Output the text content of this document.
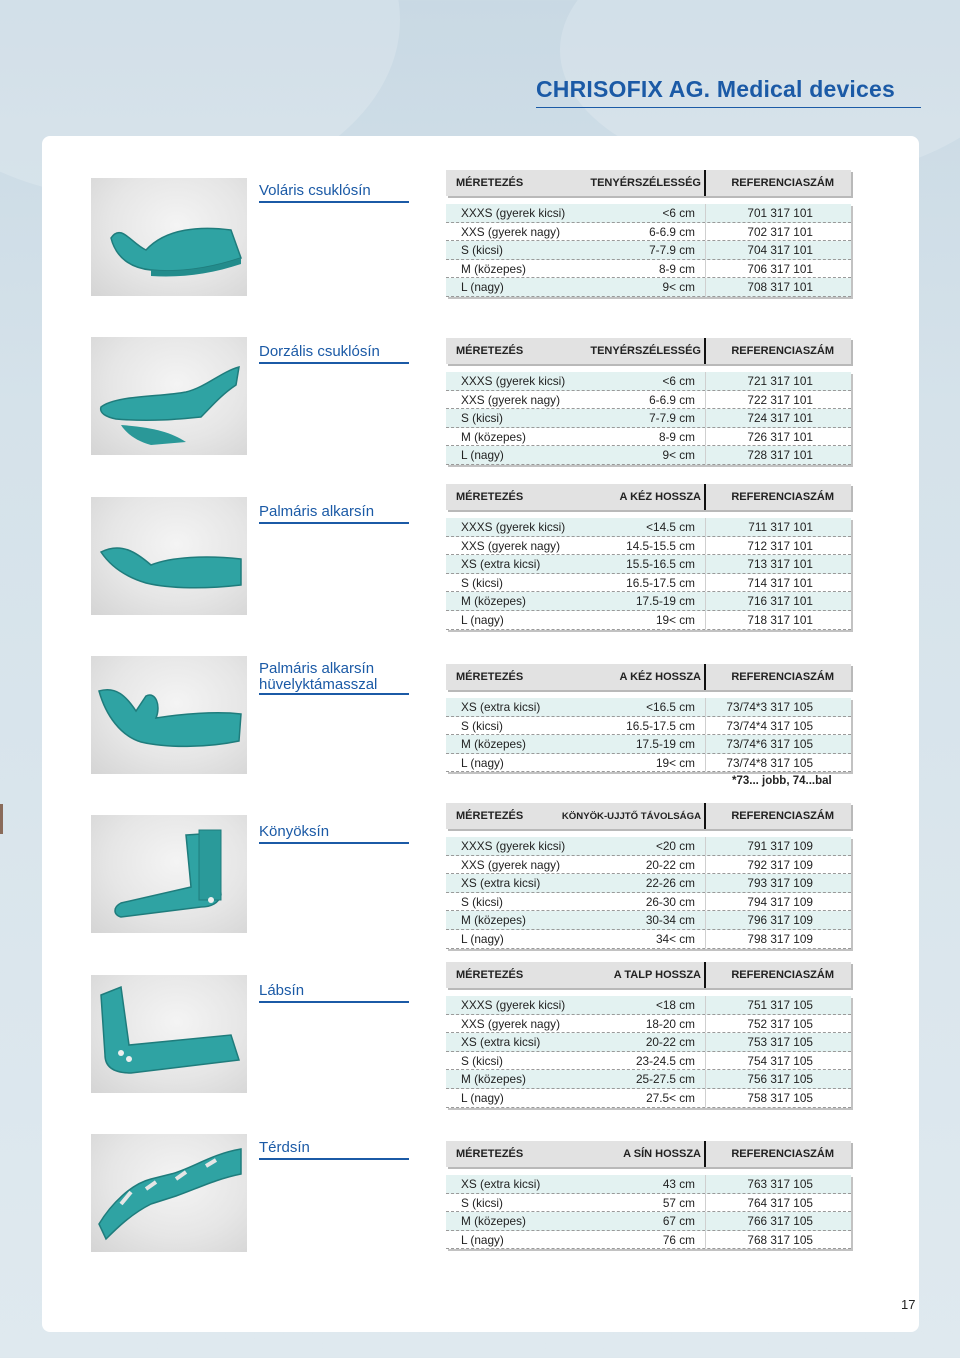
CHRISOFIX AG. Medical devices
Voláris csuklósín
Dorzális csuklósín
Palmáris alkarsín
Palmáris alkarsín hüvelyktámasszal
Könyöksín
Lábsín
Térdsín
MÉRETEZÉS	TENYÉRSZÉLESSÉG	REFERENCIASZÁM
XXXS (gyerek kicsi)	<6 cm	701 317 101
XXS (gyerek nagy)	6-6.9 cm	702 317 101
S (kicsi)	7-7.9 cm	704 317 101
M (közepes)	8-9 cm	706 317 101
L (nagy)	9< cm	708 317 101
MÉRETEZÉS	TENYÉRSZÉLESSÉG	REFERENCIASZÁM
XXXS (gyerek kicsi)	<6 cm	721 317 101
XXS (gyerek nagy)	6-6.9 cm	722 317 101
S (kicsi)	7-7.9 cm	724 317 101
M (közepes)	8-9 cm	726 317 101
L (nagy)	9< cm	728 317 101
MÉRETEZÉS	A KÉZ HOSSZA	REFERENCIASZÁM
XXXS (gyerek kicsi)	<14.5 cm	711 317 101
XXS (gyerek nagy)	14.5-15.5 cm	712 317 101
XS (extra kicsi)	15.5-16.5 cm	713 317 101
S (kicsi)	16.5-17.5 cm	714 317 101
M (közepes)	17.5-19 cm	716 317 101
L (nagy)	19< cm	718 317 101
MÉRETEZÉS	A KÉZ HOSSZA	REFERENCIASZÁM
XS (extra kicsi)	<16.5 cm	73/74*3 317 105
S (kicsi)	16.5-17.5 cm	73/74*4 317 105
M (közepes)	17.5-19 cm	73/74*6 317 105
L (nagy)	19< cm	73/74*8 317 105
*73... jobb, 74...bal
MÉRETEZÉS	KÖNYÖK-UJJTŐ TÁVOLSÁGA	REFERENCIASZÁM
XXXS (gyerek kicsi)	<20 cm	791 317 109
XXS (gyerek nagy)	20-22 cm	792 317 109
XS (extra kicsi)	22-26 cm	793 317 109
S (kicsi)	26-30 cm	794 317 109
M (közepes)	30-34 cm	796 317 109
L (nagy)	34< cm	798 317 109
MÉRETEZÉS	A TALP HOSSZA	REFERENCIASZÁM
XXXS (gyerek kicsi)	<18 cm	751 317 105
XXS (gyerek nagy)	18-20 cm	752 317 105
XS (extra kicsi)	20-22 cm	753 317 105
S (kicsi)	23-24.5 cm	754 317 105
M (közepes)	25-27.5 cm	756 317 105
L (nagy)	27.5< cm	758 317 105
MÉRETEZÉS	A SÍN HOSSZA	REFERENCIASZÁM
XS (extra kicsi)	43 cm	763 317 105
S (kicsi)	57 cm	764 317 105
M (közepes)	67 cm	766 317 105
L (nagy)	76 cm	768 317 105
17
